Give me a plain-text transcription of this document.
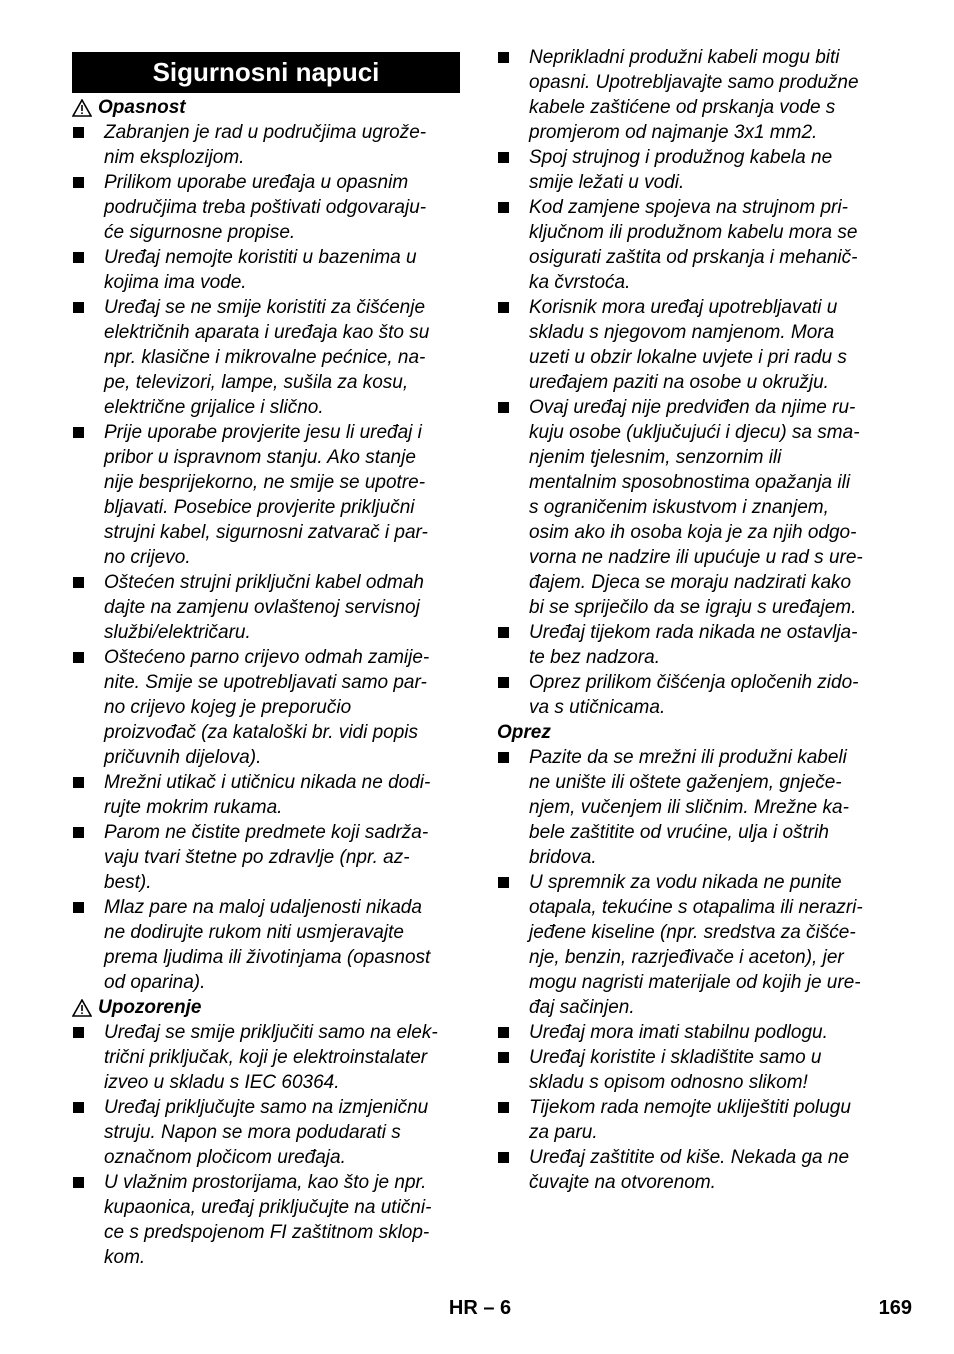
Sigurnosni napuci
Opasnost
Zabranjen je rad u područjima ugrože-
nim eksplozijom.
Prilikom uporabe uređaja u opasnim
područjima treba poštivati odgovaraju-
će sigurnosne propise.
Uređaj nemojte koristiti u bazenima u
kojima ima vode.
Uređaj se ne smije koristiti za čišćenje
električnih aparata i uređaja kao što su
npr. klasične i mikrovalne pećnice, na-
pe, televizori, lampe, sušila za kosu,
električne grijalice i slično.
Prije uporabe provjerite jesu li uređaj i
pribor u ispravnom stanju. Ako stanje
nije besprijekorno, ne smije se upotre-
bljavati. Posebice provjerite priključni
strujni kabel, sigurnosni zatvarač i par-
no crijevo.
Oštećen strujni priključni kabel odmah
dajte na zamjenu ovlaštenoj servisnoj
službi/električaru.
Oštećeno parno crijevo odmah zamije-
nite. Smije se upotrebljavati samo par-
no crijevo kojeg je preporučio
proizvođač (za kataloški br. vidi popis
pričuvnih dijelova).
Mrežni utikač i utičnicu nikada ne dodi-
rujte mokrim rukama.
Parom ne čistite predmete koji sadrža-
vaju tvari štetne po zdravlje (npr. az-
best).
Mlaz pare na maloj udaljenosti nikada
ne dodirujte rukom niti usmjeravajte
prema ljudima ili životinjama (opasnost
od oparina).
Upozorenje
Uređaj se smije priključiti samo na elek-
trični priključak, koji je elektroinstalater
izveo u skladu s IEC 60364.
Uređaj priključujte samo na izmjeničnu
struju. Napon se mora podudarati s
označnom pločicom uređaja.
U vlažnim prostorijama, kao što je npr.
kupaonica, uređaj priključujte na utični-
ce s predspojenom FI zaštitnom sklop-
kom.
Neprikladni produžni kabeli mogu biti
opasni. Upotrebljavajte samo produžne
kabele zaštićene od prskanja vode s
promjerom od najmanje 3x1 mm2.
Spoj strujnog i produžnog kabela ne
smije ležati u vodi.
Kod zamjene spojeva na strujnom pri-
ključnom ili produžnom kabelu mora se
osigurati zaštita od prskanja i mehanič-
ka čvrstoća.
Korisnik mora uređaj upotrebljavati u
skladu s njegovom namjenom. Mora
uzeti u obzir lokalne uvjete i pri radu s
uređajem paziti na osobe u okružju.
Ovaj uređaj nije predviđen da njime ru-
kuju osobe (uključujući i djecu) sa sma-
njenim tjelesnim, senzornim ili
mentalnim sposobnostima opažanja ili
s ograničenim iskustvom i znanjem,
osim ako ih osoba koja je za njih odgo-
vorna ne nadzire ili upućuje u rad s ure-
đajem. Djeca se moraju nadzirati kako
bi se spriječilo da se igraju s uređajem.
Uređaj tijekom rada nikada ne ostavlja-
te bez nadzora.
Oprez prilikom čišćenja opločenih zido-
va s utičnicama.
Oprez
Pazite da se mrežni ili produžni kabeli
ne unište ili oštete gaženjem, gnječe-
njem, vučenjem ili sličnim. Mrežne ka-
bele zaštitite od vrućine, ulja i oštrih
bridova.
U spremnik za vodu nikada ne punite
otapala, tekućine s otapalima ili nerazri-
jeđene kiseline (npr. sredstva za čišće-
nje, benzin, razrjeđivače i aceton), jer
mogu nagristi materijale od kojih je ure-
đaj sačinjen.
Uređaj mora imati stabilnu podlogu.
Uređaj koristite i skladištite samo u
skladu s opisom odnosno slikom!
Tijekom rada nemojte ukliještiti polugu
za paru.
Uređaj zaštitite od kiše. Nekada ga ne
čuvajte na otvorenom.
HR – 6	169
